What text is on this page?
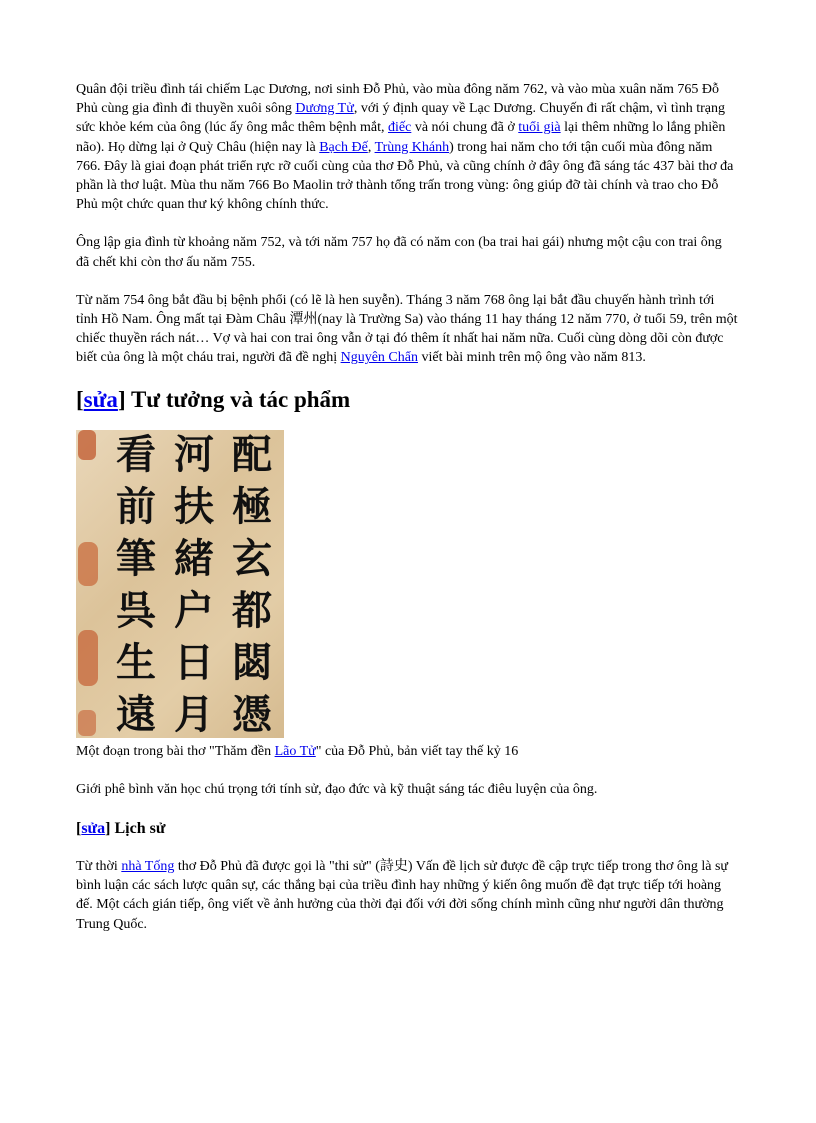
Quân đội triều đình tái chiếm Lạc Dương, nơi sinh Đỗ Phủ, vào mùa đông năm 762, và vào mùa xuân năm 765 Đỗ Phủ cùng gia đình đi thuyền xuôi sông Dương Tử, với ý định quay về Lạc Dương. Chuyến đi rất chậm, vì tình trạng sức khỏe kém của ông (lúc ấy ông mắc thêm bệnh mắt, điếc và nói chung đã ở tuổi già lại thêm những lo lắng phiền não). Họ dừng lại ở Quỳ Châu (hiện nay là Bạch Đế, Trùng Khánh) trong hai năm cho tới tận cuối mùa đông năm 766. Đây là giai đoạn phát triển rực rỡ cuối cùng của thơ Đỗ Phủ, và cũng chính ở đây ông đã sáng tác 437 bài thơ đa phần là thơ luật. Mùa thu năm 766 Bo Maolin trở thành tổng trấn trong vùng: ông giúp đỡ tài chính và trao cho Đỗ Phủ một chức quan thư ký không chính thức.

Ông lập gia đình từ khoảng năm 752, và tới năm 757 họ đã có năm con (ba trai hai gái) nhưng một cậu con trai ông đã chết khi còn thơ ấu năm 755.

Từ năm 754 ông bắt đầu bị bệnh phổi (có lẽ là hen suyễn). Tháng 3 năm 768 ông lại bắt đầu chuyến hành trình tới tỉnh Hồ Nam. Ông mất tại Đàm Châu 潭州(nay là Trường Sa) vào tháng 11 hay tháng 12 năm 770, ở tuổi 59, trên một chiếc thuyền rách nát… Vợ và hai con trai ông vẫn ở tại đó thêm ít nhất hai năm nữa. Cuối cùng dòng dõi còn được biết của ông là một cháu trai, người đã đề nghị Nguyên Chẩn viết bài minh trên mộ ông vào năm 813.

[sửa] Tư tưởng và tác phẩm
配
極
玄
都
閟
憑
河
扶
緒
户
日
月
看
前
筆
呉
生
遠

Một đoạn trong bài thơ "Thăm đền Lão Tử" của Đỗ Phủ, bản viết tay thế kỷ 16

Giới phê bình văn học chú trọng tới tính sử, đạo đức và kỹ thuật sáng tác điêu luyện của ông.

[sửa] Lịch sử

Từ thời nhà Tống thơ Đỗ Phủ đã được gọi là "thi sử" (詩史) Vấn đề lịch sử được đề cập trực tiếp trong thơ ông là sự bình luận các sách lược quân sự, các thắng bại của triều đình hay những ý kiến ông muốn đề đạt trực tiếp tới hoàng đế. Một cách gián tiếp, ông viết về ảnh hưởng của thời đại đối với đời sống chính mình cũng như người dân thường Trung Quốc.
